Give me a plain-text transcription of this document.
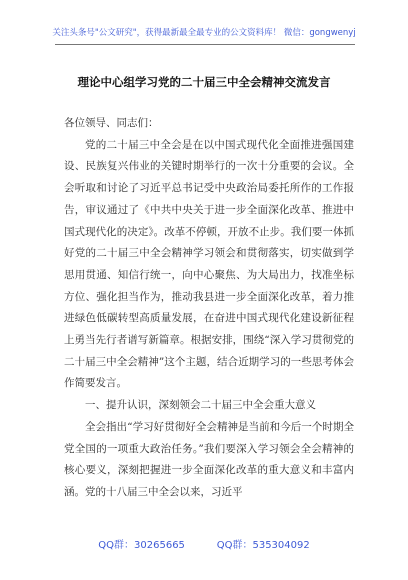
关注头条号"公文研究"，获得最新最全最专业的公文资料库！ 微信：gongwenyj
理论中心组学习党的二十届三中全会精神交流发言

各位领导、同志们：

党的二十届三中全会是在以中国式现代化全面推进强国建设、民族复兴伟业的关键时期举行的一次十分重要的会议。全会听取和讨论了习近平总书记受中央政治局委托所作的工作报告，审议通过了《中共中央关于进一步全面深化改革、推进中国式现代化的决定》。改革不停顿，开放不止步。我们要一体抓好党的二十届三中全会精神学习领会和贯彻落实，切实做到学思用贯通、知信行统一，向中心聚焦、为大局出力，找准坐标方位、强化担当作为，推动我县进一步全面深化改革，着力推进绿色低碳转型高质量发展，在奋进中国式现代化建设新征程上勇当先行者谱写新篇章。根据安排，围绕“深入学习贯彻党的二十届三中全会精神”这个主题，结合近期学习的一些思考体会作简要发言。

一、提升认识，深刻领会二十届三中全会重大意义

全会指出“学习好贯彻好全会精神是当前和今后一个时期全党全国的一项重大政治任务。”我们要深入学习领会全会精神的核心要义，深刻把握进一步全面深化改革的重大意义和丰富内涵。党的十八届三中全会以来，习近平

QQ群：30265665	QQ群：535304092
